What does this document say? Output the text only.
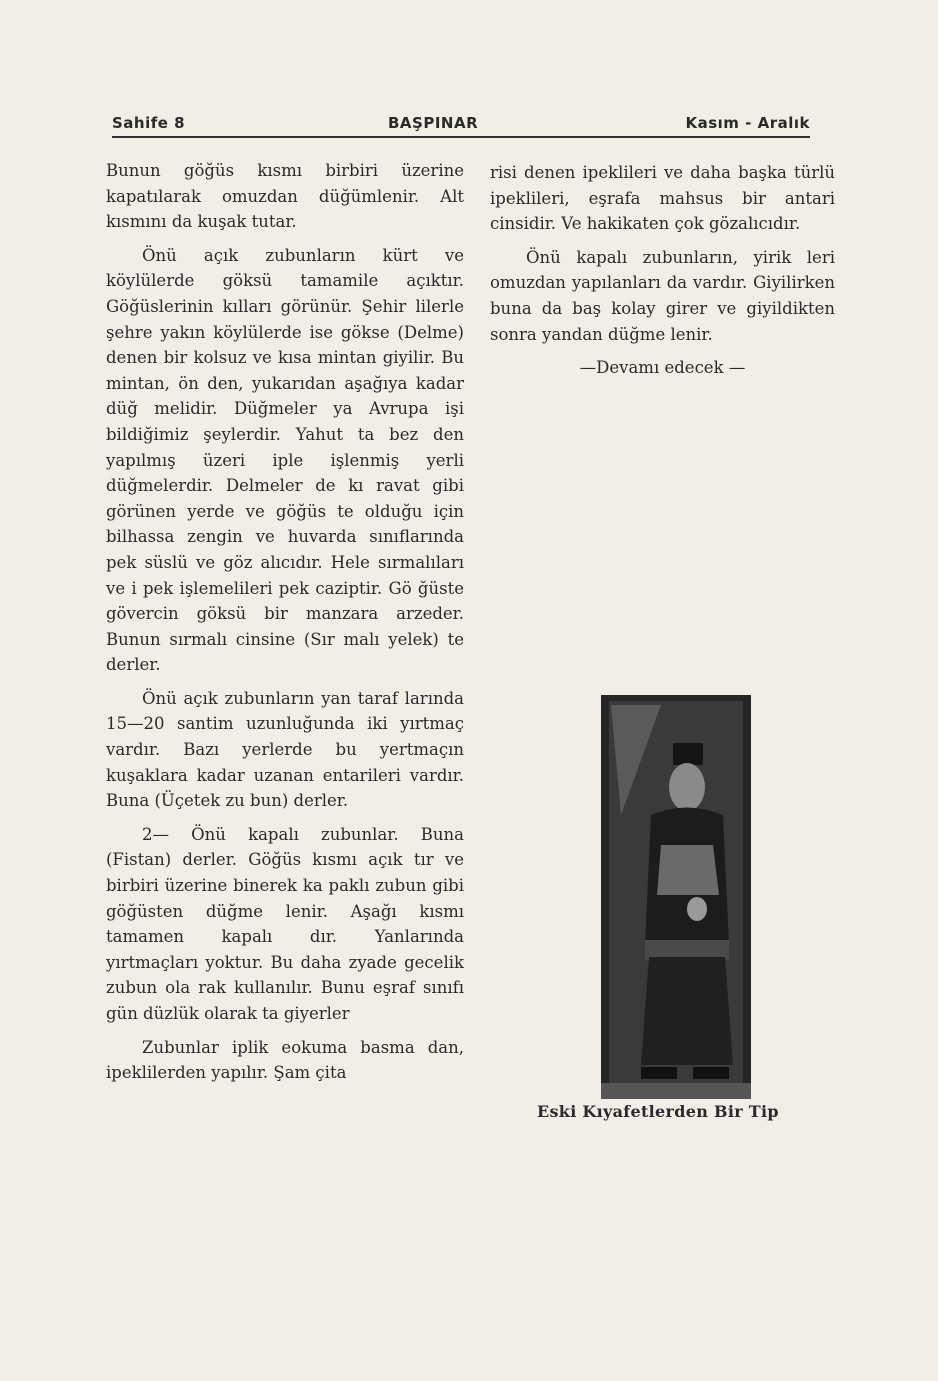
Sahife 8	BAŞPINAR	Kasım - Aralık

Bunun göğüs kısmı birbiri üzerine kapatılarak omuzdan düğümlenir. Alt kısmını da kuşak tutar.

Önü açık zubunların kürt ve köylülerde göksü tamamile açıktır. Göğüslerinin kılları görünür. Şehir lilerle şehre yakın köylülerde ise gökse (Delme) denen bir kolsuz ve kısa mintan giyilir. Bu mintan, ön den, yukarıdan aşağıya kadar düğ melidir. Düğmeler ya Avrupa işi bildiğimiz şeylerdir. Yahut ta bez den yapılmış üzeri iple işlenmiş yerli düğmelerdir. Delmeler de kı ravat gibi görünen yerde ve göğüs te olduğu için bilhassa zengin ve huvarda sınıflarında pek süslü ve göz alıcıdır. Hele sırmalıları ve i pek işlemelileri pek caziptir. Gö ğüste gövercin göksü bir manzara arzeder. Bunun sırmalı cinsine (Sır malı yelek) te derler.

Önü açık zubunların yan taraf larında 15—20 santim uzunluğunda iki yırtmaç vardır. Bazı yerlerde bu yertmaçın kuşaklara kadar uzanan entarileri vardır. Buna (Üçetek zu bun) derler.

2— Önü kapalı zubunlar. Buna (Fistan) derler. Göğüs kısmı açık tır ve birbiri üzerine binerek ka paklı zubun gibi göğüsten düğme lenir. Aşağı kısmı tamamen kapalı dır. Yanlarında yırtmaçları yoktur. Bu daha zyade gecelik zubun ola rak kullanılır. Bunu eşraf sınıfı gün düzlük olarak ta giyerler

Zubunlar iplik eokuma basma dan, ipeklilerden yapılır. Şam çita

risi denen ipeklileri ve daha başka türlü ipeklileri, eşrafa mahsus bir antari cinsidir. Ve hakikaten çok gözalıcıdır.

Önü kapalı zubunların, yirik leri omuzdan yapılanları da vardır. Giyilirken buna da baş kolay girer ve giyildikten sonra yandan düğme lenir.

—Devamı edecek —

Eski Kıyafetlerden Bir Tip
